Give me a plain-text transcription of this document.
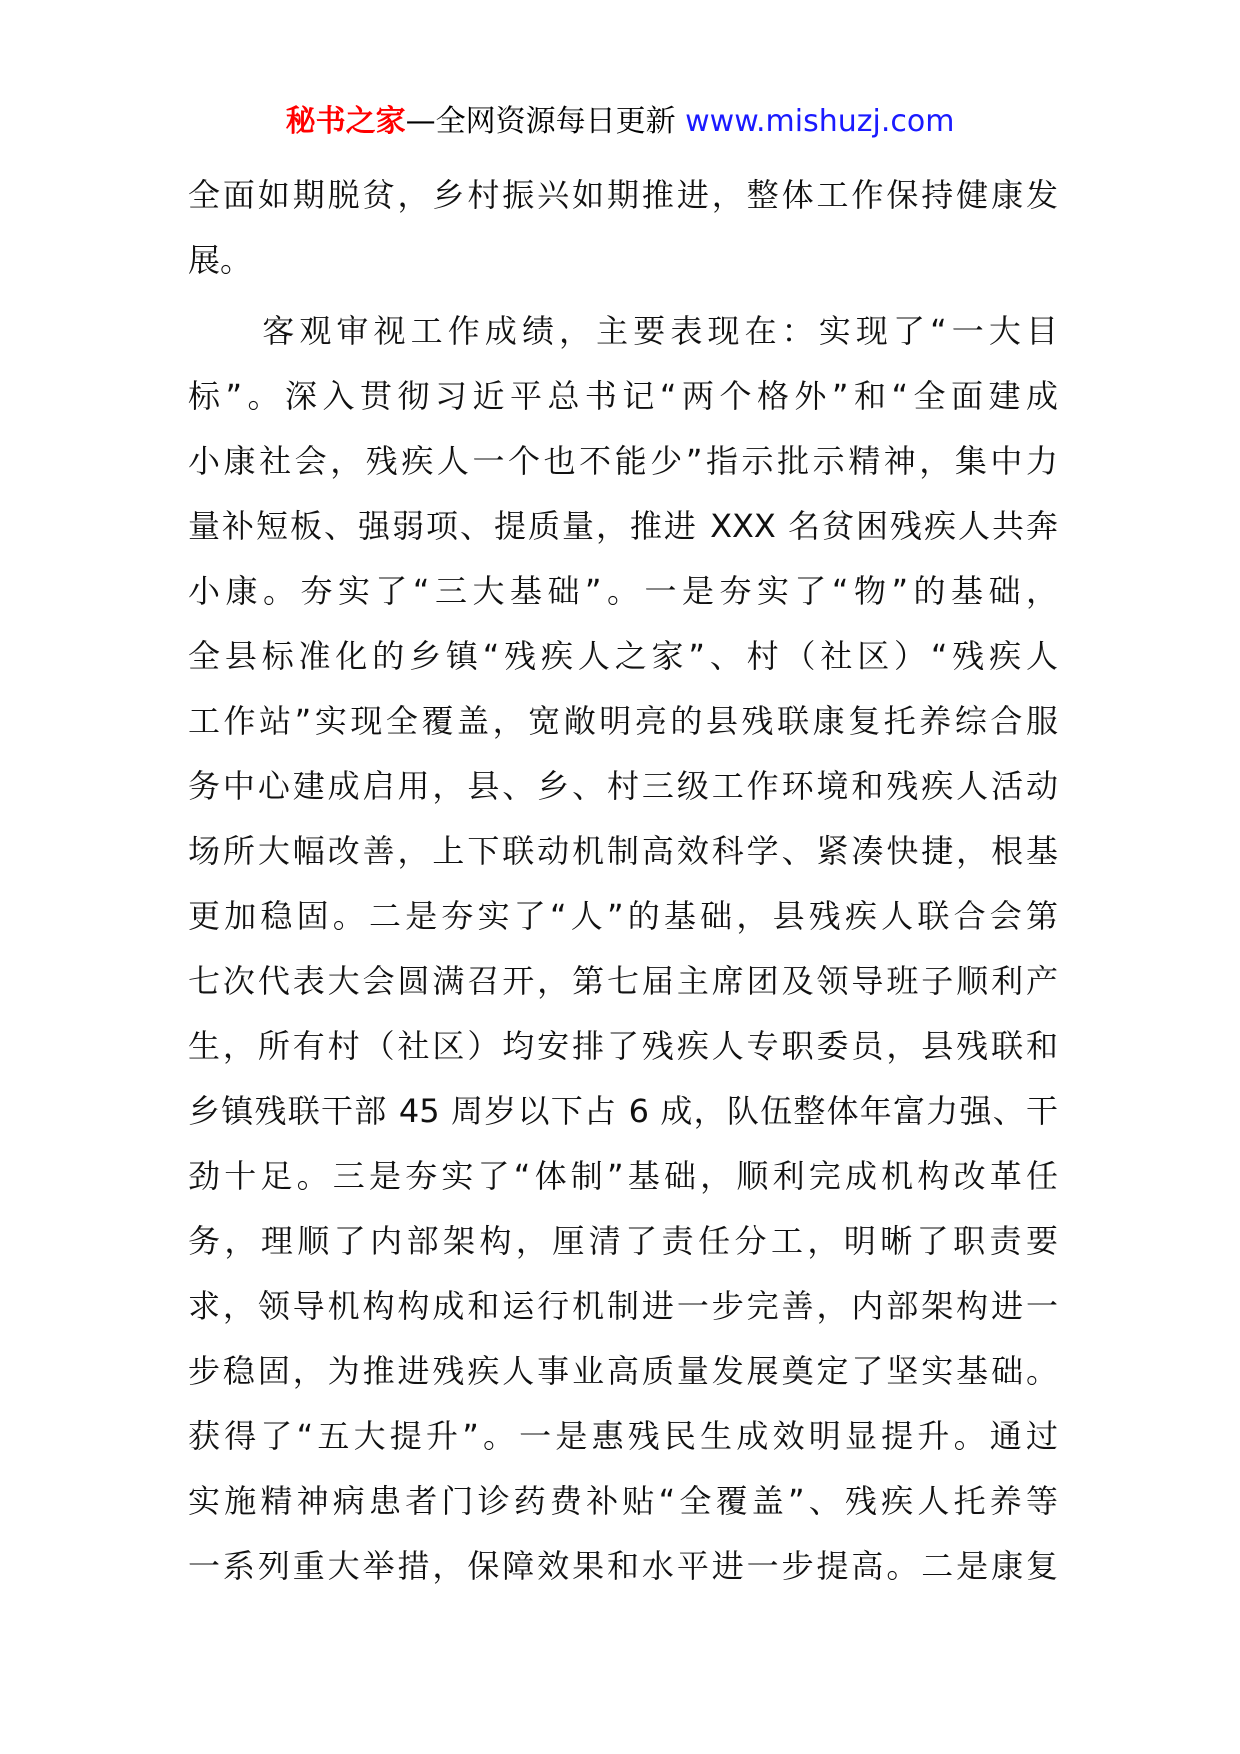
秘书之家—全网资源每日更新 www.mishuzj.com
全面如期脱贫，乡村振兴如期推进，整体工作保持健康发
展。
　　客观审视工作成绩，主要表现在：实现了“一大目
标”。深入贯彻习近平总书记“两个格外”和“全面建成
小康社会，残疾人一个也不能少”指示批示精神，集中力
量补短板、强弱项、提质量，推进 XXX 名贫困残疾人共奔
小康。夯实了“三大基础”。一是夯实了“物”的基础，
全县标准化的乡镇“残疾人之家”、村（社区）“残疾人
工作站”实现全覆盖，宽敞明亮的县残联康复托养综合服
务中心建成启用，县、乡、村三级工作环境和残疾人活动
场所大幅改善，上下联动机制高效科学、紧凑快捷，根基
更加稳固。二是夯实了“人”的基础，县残疾人联合会第
七次代表大会圆满召开，第七届主席团及领导班子顺利产
生，所有村（社区）均安排了残疾人专职委员，县残联和
乡镇残联干部 45 周岁以下占 6 成，队伍整体年富力强、干
劲十足。三是夯实了“体制”基础，顺利完成机构改革任
务，理顺了内部架构，厘清了责任分工，明晰了职责要
求，领导机构构成和运行机制进一步完善，内部架构进一
步稳固，为推进残疾人事业高质量发展奠定了坚实基础。
获得了“五大提升”。一是惠残民生成效明显提升。通过
实施精神病患者门诊药费补贴“全覆盖”、残疾人托养等
一系列重大举措，保障效果和水平进一步提高。二是康复
